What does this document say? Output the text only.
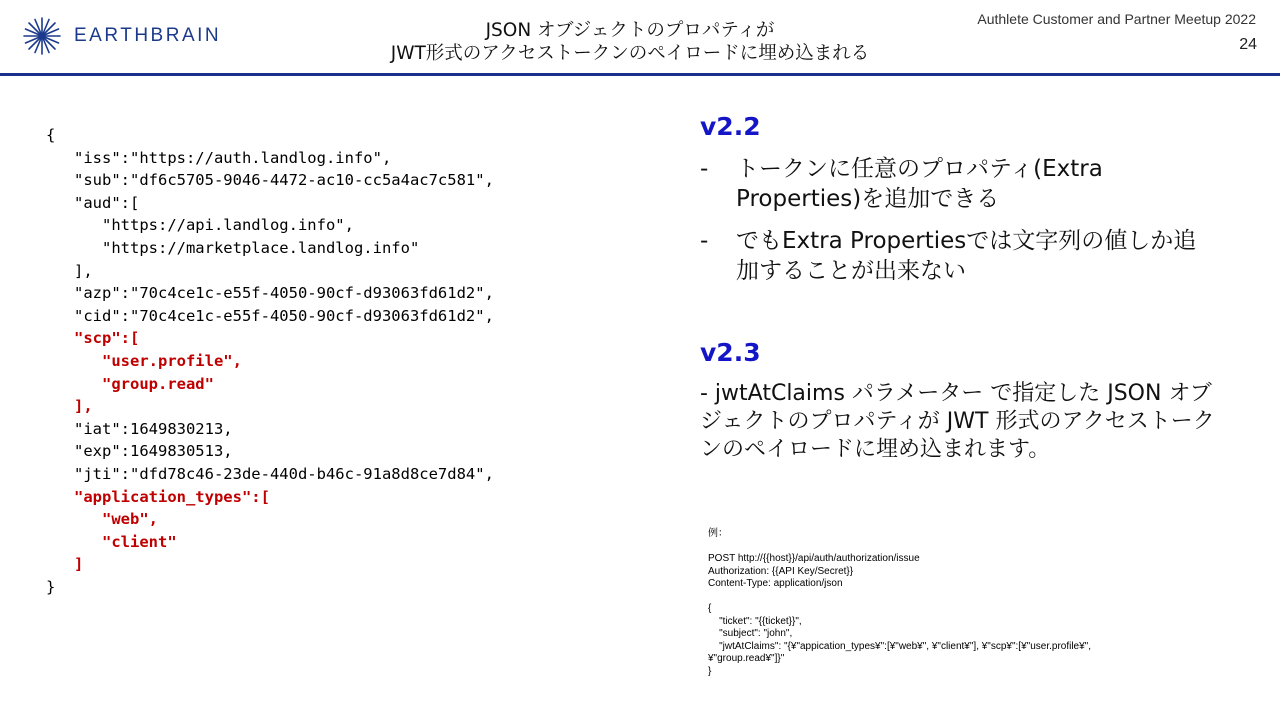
EARTHBRAIN	JSON オブジェクトのプロパティが
JWT形式のアクセストークンのペイロードに埋め込まれる
Authlete Customer and Partner Meetup 2022
24
{
"iss":"https://auth.landlog.info",
"sub":"df6c5705-9046-4472-ac10-cc5a4ac7c581",
"aud":[
"https://api.landlog.info",
"https://marketplace.landlog.info"
],
"azp":"70c4ce1c-e55f-4050-90cf-d93063fd61d2",
"cid":"70c4ce1c-e55f-4050-90cf-d93063fd61d2",
"scp":[
"user.profile",
"group.read"
],
"iat":1649830213,
"exp":1649830513,
"jti":"dfd78c46-23de-440d-b46c-91a8d8ce7d84",
"application_types":[
"web",
"client"
]
}
v2.2
- トークンに任意のプロパティ(Extra Properties)を追加できる
- でもExtra Propertiesでは文字列の値しか追加することが出来ない
v2.3
- jwtAtClaims パラメーター で指定した JSON オブジェクトのプロパティが JWT 形式のアクセストークンのペイロードに埋め込まれます。
例：

POST http://{{host}}/api/auth/authorization/issue
Authorization: {{API Key/Secret}}
Content-Type: application/json

{
"ticket": "{{ticket}}",
"subject": "john",
"jwtAtClaims": "{¥"appication_types¥":[¥"web¥", ¥"client¥"], ¥"scp¥":[¥"user.profile¥",
¥"group.read¥"]}"
}
